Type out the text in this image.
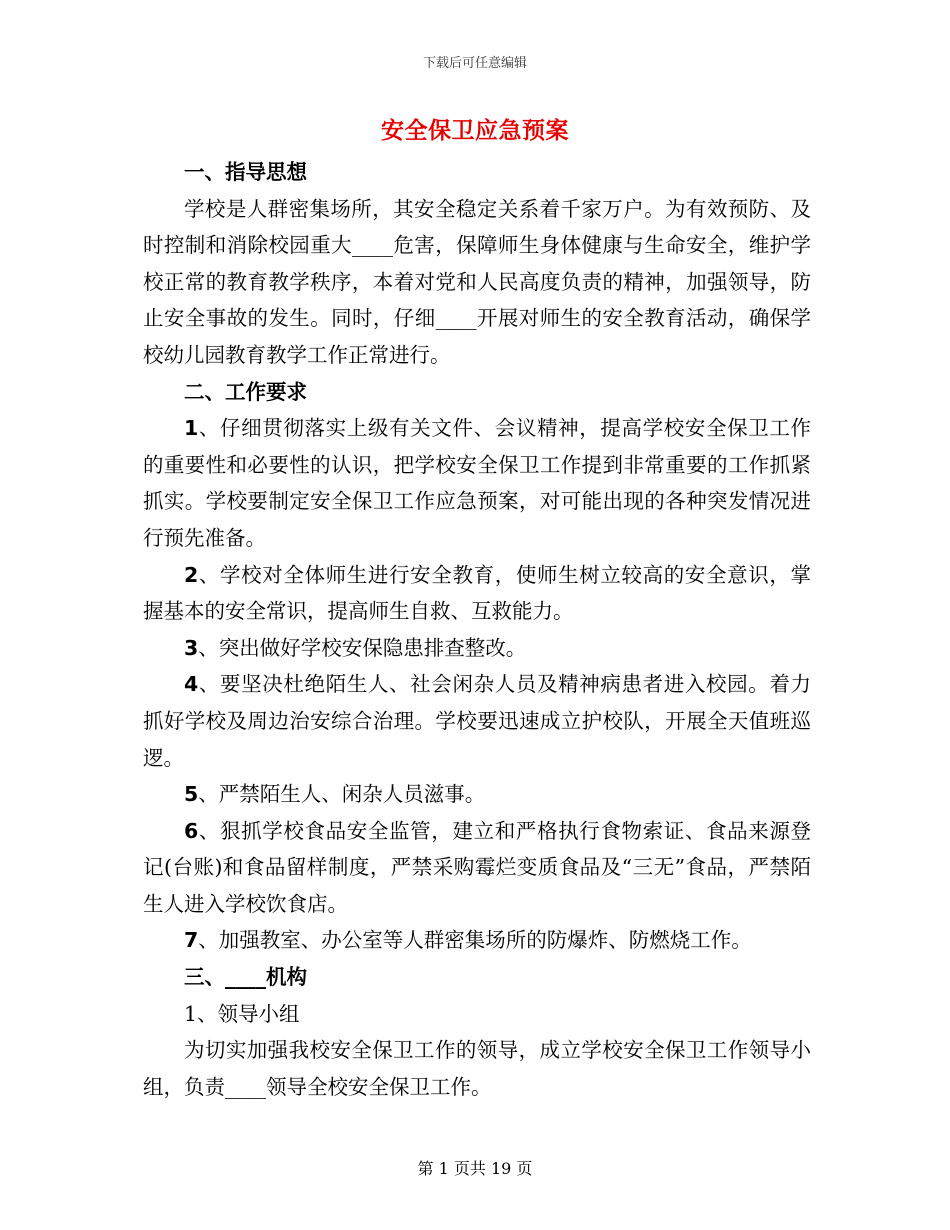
下载后可任意编辑
安全保卫应急预案

一、指导思想

学校是人群密集场所，其安全稳定关系着千家万户。为有效预防、及时控制和消除校园重大____危害，保障师生身体健康与生命安全，维护学校正常的教育教学秩序，本着对党和人民高度负责的精神，加强领导，防止安全事故的发生。同时，仔细____开展对师生的安全教育活动，确保学校幼儿园教育教学工作正常进行。

二、工作要求

1、仔细贯彻落实上级有关文件、会议精神，提高学校安全保卫工作的重要性和必要性的认识，把学校安全保卫工作提到非常重要的工作抓紧抓实。学校要制定安全保卫工作应急预案，对可能出现的各种突发情况进行预先准备。

2、学校对全体师生进行安全教育，使师生树立较高的安全意识，掌握基本的安全常识，提高师生自救、互救能力。

3、突出做好学校安保隐患排查整改。

4、要坚决杜绝陌生人、社会闲杂人员及精神病患者进入校园。着力抓好学校及周边治安综合治理。学校要迅速成立护校队，开展全天值班巡逻。

5、严禁陌生人、闲杂人员滋事。

6、狠抓学校食品安全监管，建立和严格执行食物索证、食品来源登记(台账)和食品留样制度，严禁采购霉烂变质食品及“三无”食品，严禁陌生人进入学校饮食店。

7、加强教室、办公室等人群密集场所的防爆炸、防燃烧工作。

三、____机构

1、领导小组

为切实加强我校安全保卫工作的领导，成立学校安全保卫工作领导小组，负责____领导全校安全保卫工作。

第 1 页共 19 页
